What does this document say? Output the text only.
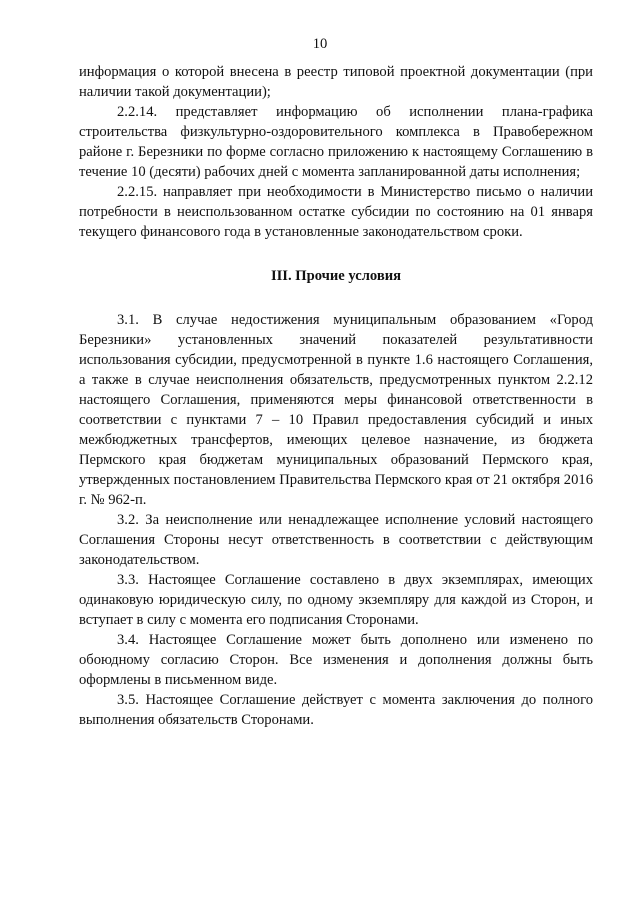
10

информация о которой внесена в реестр типовой проектной документации (при наличии такой документации);

2.2.14. представляет информацию об исполнении плана-графика строительства физкультурно-оздоровительного комплекса в Правобережном районе г. Березники по форме согласно приложению к настоящему Соглашению в течение 10 (десяти) рабочих дней с момента запланированной даты исполнения;

2.2.15. направляет при необходимости в Министерство письмо о наличии потребности в неиспользованном остатке субсидии по состоянию на 01 января текущего финансового года в установленные законодательством сроки.

III. Прочие условия

3.1. В случае недостижения муниципальным образованием «Город Березники» установленных значений показателей результативности использования субсидии, предусмотренной в пункте 1.6 настоящего Соглашения, а также в случае неисполнения обязательств, предусмотренных пунктом 2.2.12 настоящего Соглашения, применяются меры финансовой ответственности в соответствии с пунктами 7 – 10 Правил предоставления субсидий и иных межбюджетных трансфертов, имеющих целевое назначение, из бюджета Пермского края бюджетам муниципальных образований Пермского края, утвержденных постановлением Правительства Пермского края от 21 октября 2016 г. № 962-п.

3.2. За неисполнение или ненадлежащее исполнение условий настоящего Соглашения Стороны несут ответственность в соответствии с действующим законодательством.

3.3. Настоящее Соглашение составлено в двух экземплярах, имеющих одинаковую юридическую силу, по одному экземпляру для каждой из Сторон, и вступает в силу с момента его подписания Сторонами.

3.4. Настоящее Соглашение может быть дополнено или изменено по обоюдному согласию Сторон. Все изменения и дополнения должны быть оформлены в письменном виде.

3.5. Настоящее Соглашение действует с момента заключения до полного выполнения обязательств Сторонами.
